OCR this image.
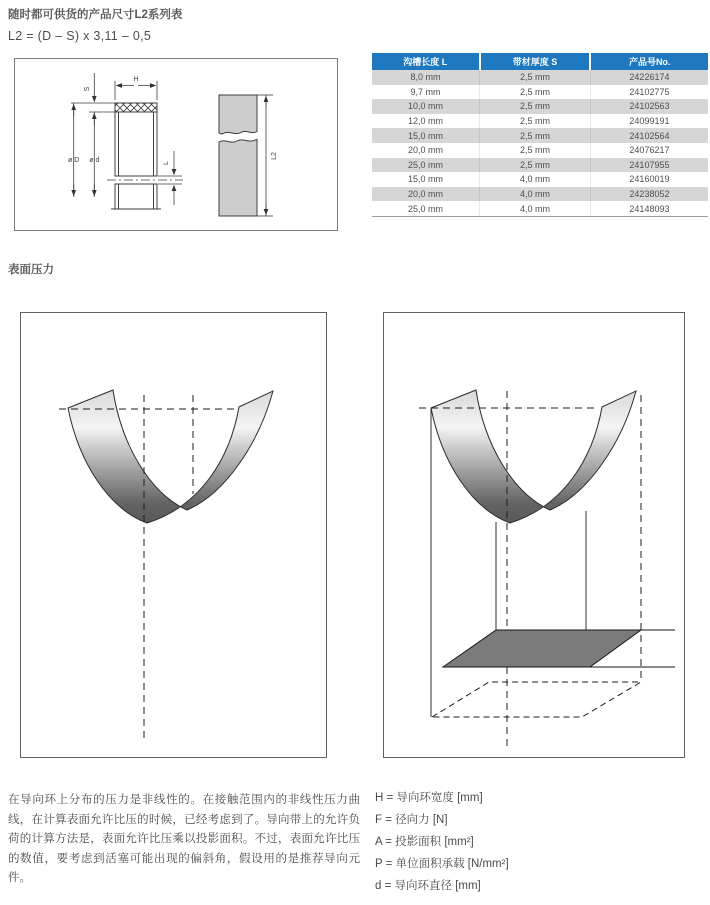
随时都可供货的产品尺寸L2系列表
L2 = (D – S) x 3,11 – 0,5
H
S
ø D ø d	L
L2
沟槽长度 L	带材厚度 S	产品号No.
8,0 mm	2,5 mm	24226174
9,7 mm	2,5 mm	24102775
10,0 mm	2,5 mm	24102563
12,0 mm	2,5 mm	24099191
15,0 mm	2,5 mm	24102564
20,0 mm	2,5 mm	24076217
25,0 mm	2,5 mm	24107955
15,0 mm	4,0 mm	24160019
20,0 mm	4,0 mm	24238052
25,0 mm	4,0 mm	24148093
表面压力
在导向环上分布的压力是非线性的。在接触范围内的非线性压力曲线，在计算表面允许比压的时候，已经考虑到了。导向带上的允许负荷的计算方法是，表面允许比压乘以投影面积。不过，表面允许比压的数值，要考虑到活塞可能出现的偏斜角，假设用的是推荐导向元件。
H = 导向环宽度 [mm]
F = 径向力 [N]
A = 投影面积 [mm²]
P = 单位面积承载 [N/mm²]
d = 导向环直径 [mm]
